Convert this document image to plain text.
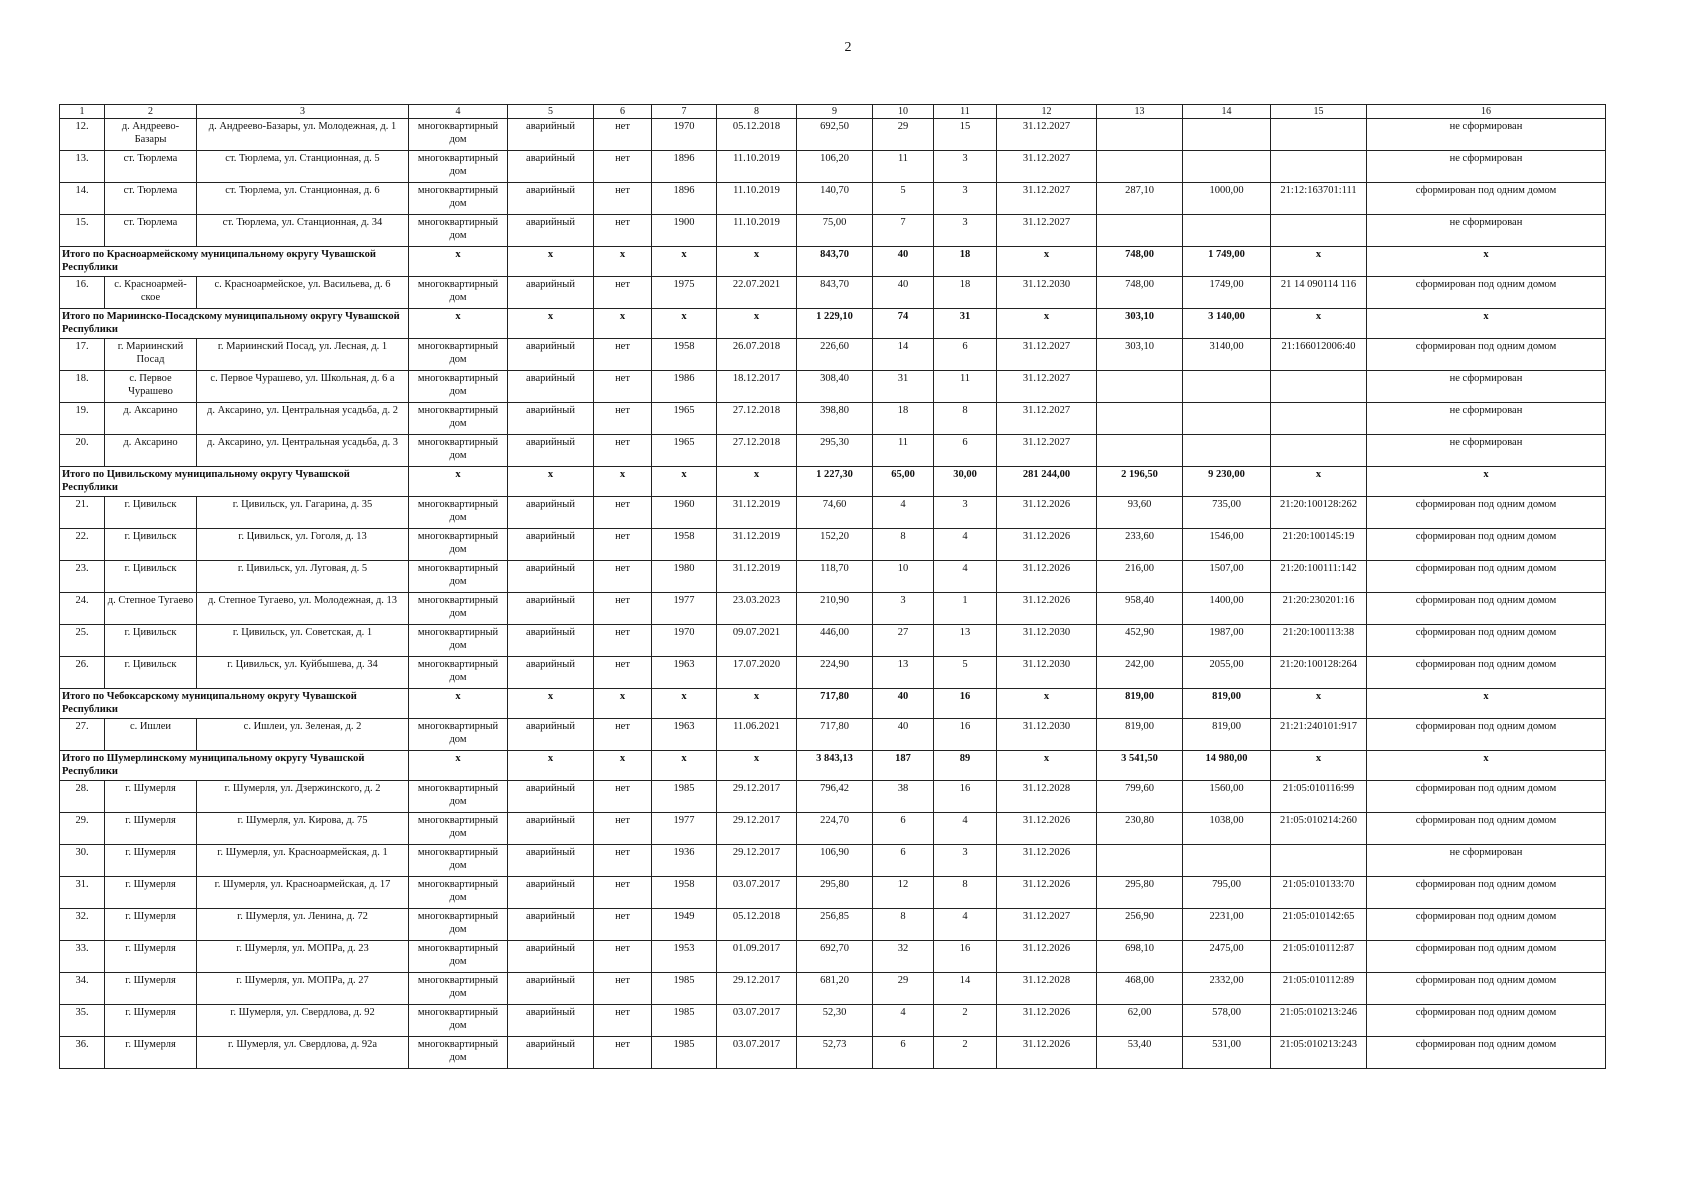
2
1	2	3	4	5	6	7	8	9	10	11	12	13	14	15	16
12.	д. Андреево-Базары	д. Андреево-Базары, ул. Молодежная, д. 1	многоквартирный дом	аварийный	нет	1970	05.12.2018	692,50	29	15	31.12.2027				не сформирован
13.	ст. Тюрлема	ст. Тюрлема, ул. Станционная, д. 5	многоквартирный дом	аварийный	нет	1896	11.10.2019	106,20	11	3	31.12.2027				не сформирован
14.	ст. Тюрлема	ст. Тюрлема, ул. Станционная, д. 6	многоквартирный дом	аварийный	нет	1896	11.10.2019	140,70	5	3	31.12.2027	287,10	1000,00	21:12:163701:111	сформирован под одним домом
15.	ст. Тюрлема	ст. Тюрлема, ул. Станционная, д. 34	многоквартирный дом	аварийный	нет	1900	11.10.2019	75,00	7	3	31.12.2027				не сформирован
Итого по Красноармейскому муниципальному округу Чувашской Республики			x	x	x	x	x	843,70	40	18	x	748,00	1 749,00	x	x
16.	с. Красноармей-ское	с. Красноармейское, ул. Васильева, д. 6	многоквартирный дом	аварийный	нет	1975	22.07.2021	843,70	40	18	31.12.2030	748,00	1749,00	21 14 090114 116	сформирован под одним домом
Итого по Мариинско-Посадскому муниципальному округу Чувашской Республики			x	x	x	x	x	1 229,10	74	31	x	303,10	3 140,00	x	x
17.	г. Мариинский Посад	г. Мариинский Посад, ул. Лесная, д. 1	многоквартирный дом	аварийный	нет	1958	26.07.2018	226,60	14	6	31.12.2027	303,10	3140,00	21:166012006:40	сформирован под одним домом
18.	с. Первое Чурашево	с. Первое Чурашево, ул. Школьная, д. 6 а	многоквартирный дом	аварийный	нет	1986	18.12.2017	308,40	31	11	31.12.2027				не сформирован
19.	д. Аксарино	д. Аксарино, ул. Центральная усадьба, д. 2	многоквартирный дом	аварийный	нет	1965	27.12.2018	398,80	18	8	31.12.2027				не сформирован
20.	д. Аксарино	д. Аксарино, ул. Центральная усадьба, д. 3	многоквартирный дом	аварийный	нет	1965	27.12.2018	295,30	11	6	31.12.2027				не сформирован
Итого по Цивильскому муниципальному округу Чувашской Республики			x	x	x	x	x	1 227,30	65,00	30,00	281 244,00	2 196,50	9 230,00	x	x
21.	г. Цивильск	г. Цивильск, ул. Гагарина, д. 35	многоквартирный дом	аварийный	нет	1960	31.12.2019	74,60	4	3	31.12.2026	93,60	735,00	21:20:100128:262	сформирован под одним домом
22.	г. Цивильск	г. Цивильск, ул. Гоголя, д. 13	многоквартирный дом	аварийный	нет	1958	31.12.2019	152,20	8	4	31.12.2026	233,60	1546,00	21:20:100145:19	сформирован под одним домом
23.	г. Цивильск	г. Цивильск, ул. Луговая, д. 5	многоквартирный дом	аварийный	нет	1980	31.12.2019	118,70	10	4	31.12.2026	216,00	1507,00	21:20:100111:142	сформирован под одним домом
24.	д. Степное Тугаево	д. Степное Тугаево, ул. Молодежная, д. 13	многоквартирный дом	аварийный	нет	1977	23.03.2023	210,90	3	1	31.12.2026	958,40	1400,00	21:20:230201:16	сформирован под одним домом
25.	г. Цивильск	г. Цивильск, ул. Советская, д. 1	многоквартирный дом	аварийный	нет	1970	09.07.2021	446,00	27	13	31.12.2030	452,90	1987,00	21:20:100113:38	сформирован под одним домом
26.	г. Цивильск	г. Цивильск, ул. Куйбышева, д. 34	многоквартирный дом	аварийный	нет	1963	17.07.2020	224,90	13	5	31.12.2030	242,00	2055,00	21:20:100128:264	сформирован под одним домом
Итого по Чебоксарскому муниципальному округу Чувашской Республики			x	x	x	x	x	717,80	40	16	x	819,00	819,00	x	x
27.	с. Ишлеи	с. Ишлеи, ул. Зеленая, д. 2	многоквартирный дом	аварийный	нет	1963	11.06.2021	717,80	40	16	31.12.2030	819,00	819,00	21:21:240101:917	сформирован под одним домом
Итого по Шумерлинскому муниципальному округу Чувашской Республики			x	x	x	x	x	3 843,13	187	89	x	3 541,50	14 980,00	x	x
28.	г. Шумерля	г. Шумерля, ул. Дзержинского, д. 2	многоквартирный дом	аварийный	нет	1985	29.12.2017	796,42	38	16	31.12.2028	799,60	1560,00	21:05:010116:99	сформирован под одним домом
29.	г. Шумерля	г. Шумерля, ул. Кирова, д. 75	многоквартирный дом	аварийный	нет	1977	29.12.2017	224,70	6	4	31.12.2026	230,80	1038,00	21:05:010214:260	сформирован под одним домом
30.	г. Шумерля	г. Шумерля, ул. Красноармейская, д. 1	многоквартирный дом	аварийный	нет	1936	29.12.2017	106,90	6	3	31.12.2026				не сформирован
31.	г. Шумерля	г. Шумерля, ул. Красноармейская, д. 17	многоквартирный дом	аварийный	нет	1958	03.07.2017	295,80	12	8	31.12.2026	295,80	795,00	21:05:010133:70	сформирован под одним домом
32.	г. Шумерля	г. Шумерля, ул. Ленина, д. 72	многоквартирный дом	аварийный	нет	1949	05.12.2018	256,85	8	4	31.12.2027	256,90	2231,00	21:05:010142:65	сформирован под одним домом
33.	г. Шумерля	г. Шумерля, ул. МОПРа, д. 23	многоквартирный дом	аварийный	нет	1953	01.09.2017	692,70	32	16	31.12.2026	698,10	2475,00	21:05:010112:87	сформирован под одним домом
34.	г. Шумерля	г. Шумерля, ул. МОПРа, д. 27	многоквартирный дом	аварийный	нет	1985	29.12.2017	681,20	29	14	31.12.2028	468,00	2332,00	21:05:010112:89	сформирован под одним домом
35.	г. Шумерля	г. Шумерля, ул. Свердлова, д. 92	многоквартирный дом	аварийный	нет	1985	03.07.2017	52,30	4	2	31.12.2026	62,00	578,00	21:05:010213:246	сформирован под одним домом
36.	г. Шумерля	г. Шумерля, ул. Свердлова, д. 92а	многоквартирный дом	аварийный	нет	1985	03.07.2017	52,73	6	2	31.12.2026	53,40	531,00	21:05:010213:243	сформирован под одним домом
